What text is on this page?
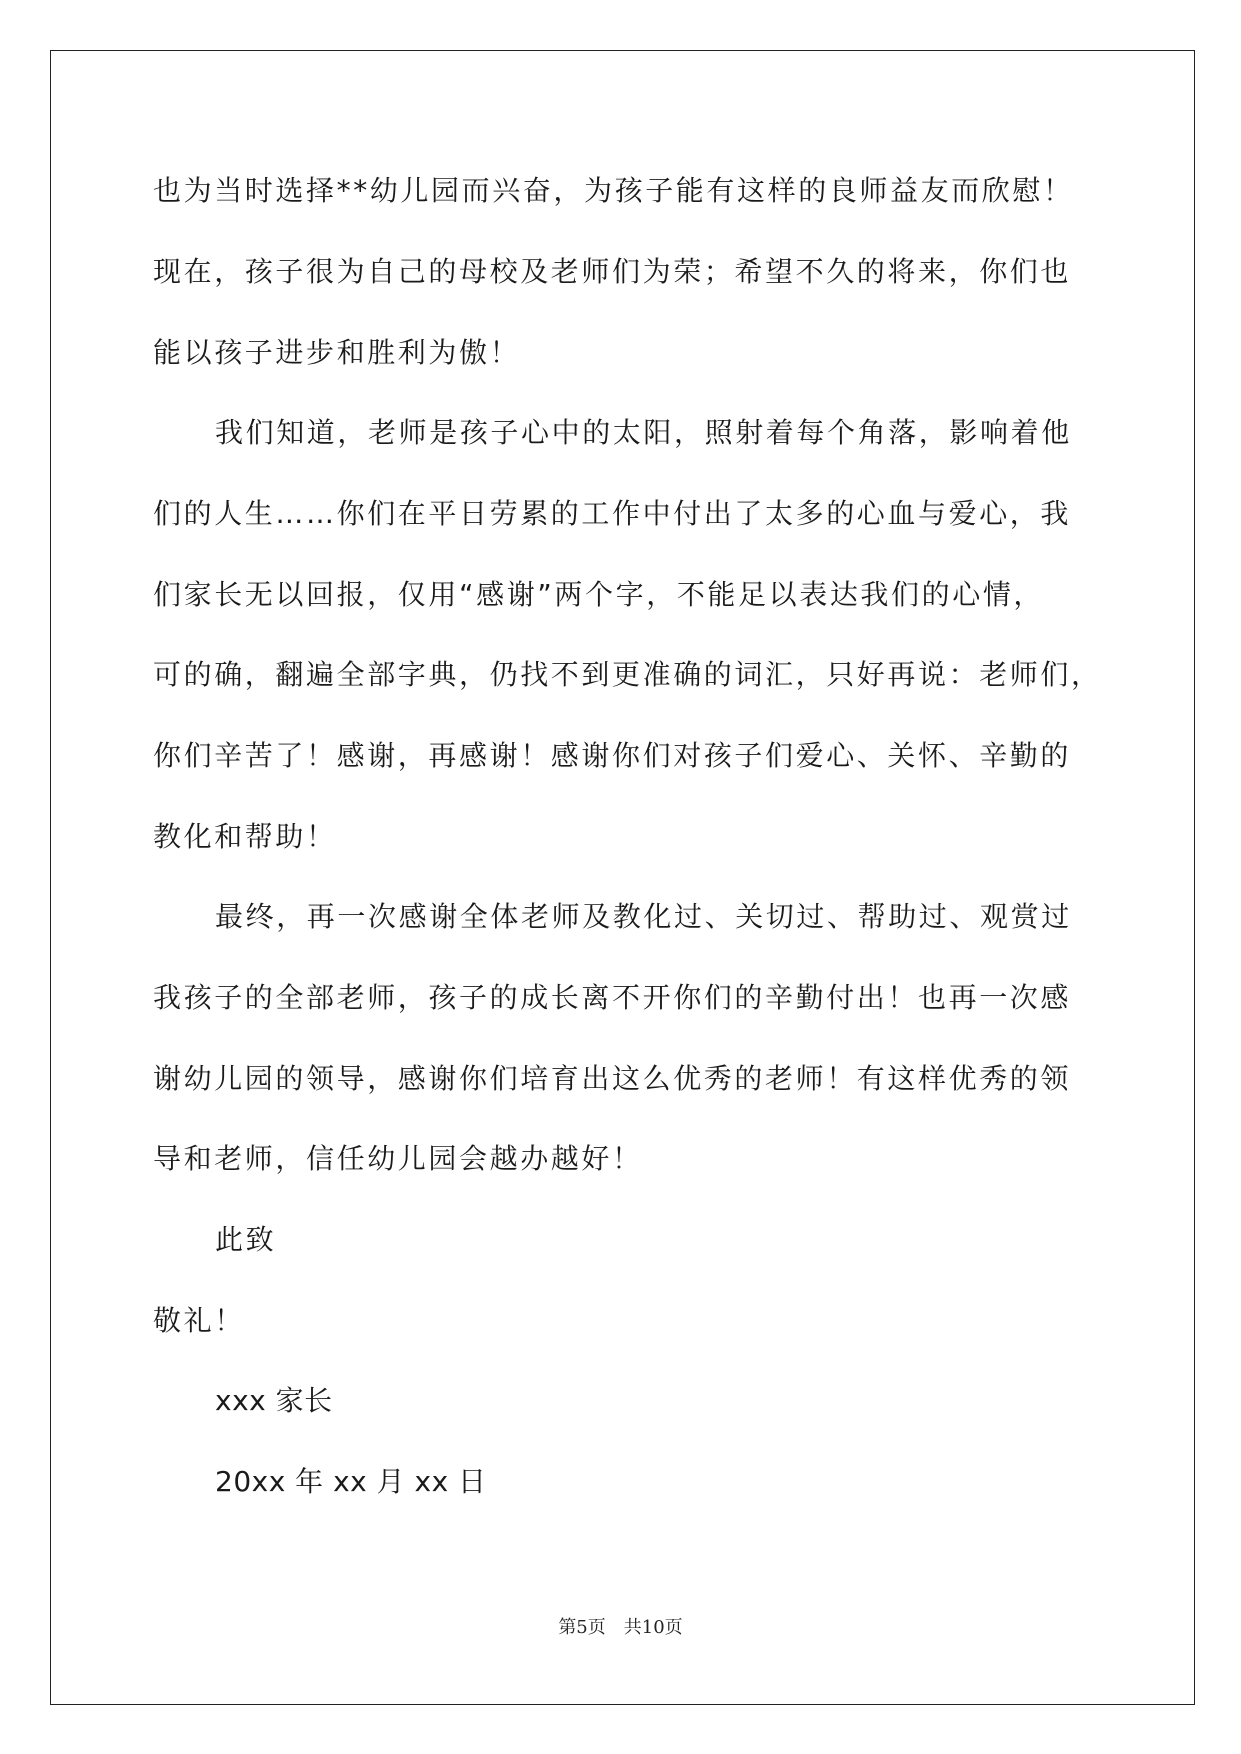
也为当时选择**幼儿园而兴奋，为孩子能有这样的良师益友而欣慰！
现在，孩子很为自己的母校及老师们为荣；希望不久的将来，你们也
能以孩子进步和胜利为傲！
我们知道，老师是孩子心中的太阳，照射着每个角落，影响着他
们的人生……你们在平日劳累的工作中付出了太多的心血与爱心，我
们家长无以回报，仅用“感谢”两个字，不能足以表达我们的心情，
可的确，翻遍全部字典，仍找不到更准确的词汇，只好再说：老师们，
你们辛苦了！感谢，再感谢！感谢你们对孩子们爱心、关怀、辛勤的
教化和帮助！
最终，再一次感谢全体老师及教化过、关切过、帮助过、观赏过
我孩子的全部老师，孩子的成长离不开你们的辛勤付出！也再一次感
谢幼儿园的领导，感谢你们培育出这么优秀的老师！有这样优秀的领
导和老师，信任幼儿园会越办越好！
此致
敬礼！
xxx 家长
20xx 年 xx 月 xx 日
第5页　共10页
